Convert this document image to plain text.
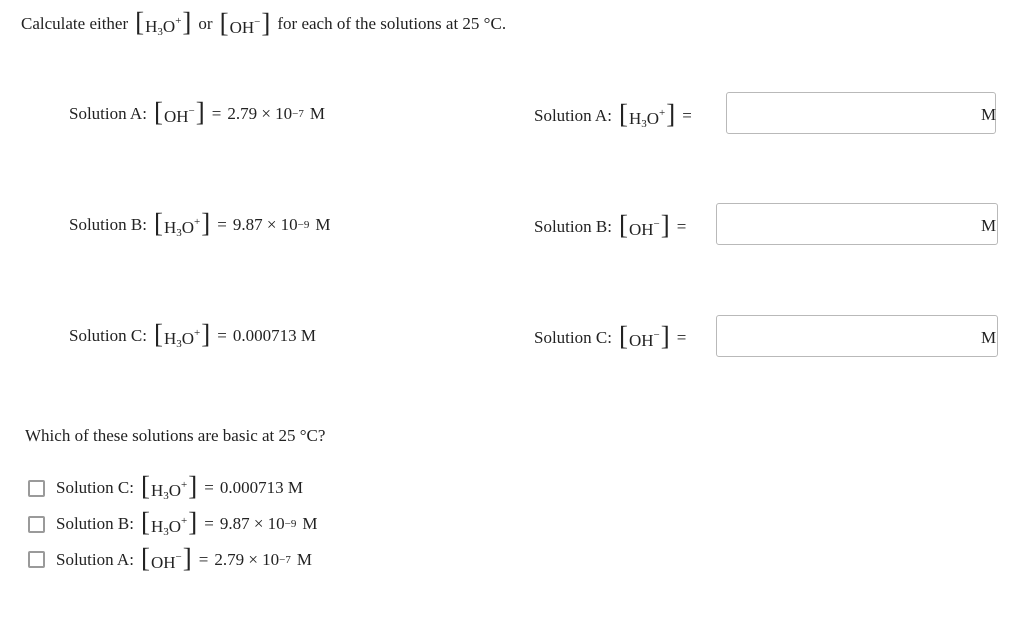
Calculate either $[H_3O^+]$ or [OH−] for each of the solutions at 25 °C.
Solution A: [OH−] = 2.79 × 10 −7 M
Solution B: $[H_3O^+] = 9.87 \times 10 -9$ M
Solution C: $[H_3O^+] = 0.000713$ M
Solution A: $[H_3O^+]$ =	M
Solution B: [OH−] =	M
Solution C: [OH−] =	M
Which of these solutions are basic at 25 °C?
Solution C: $[H_3O^+] = 0.000713$ M
Solution B: $[H_3O^+] = 9.87 \times 10 -9$ M
Solution A: [OH−] = 2.79 × 10 −7 M
